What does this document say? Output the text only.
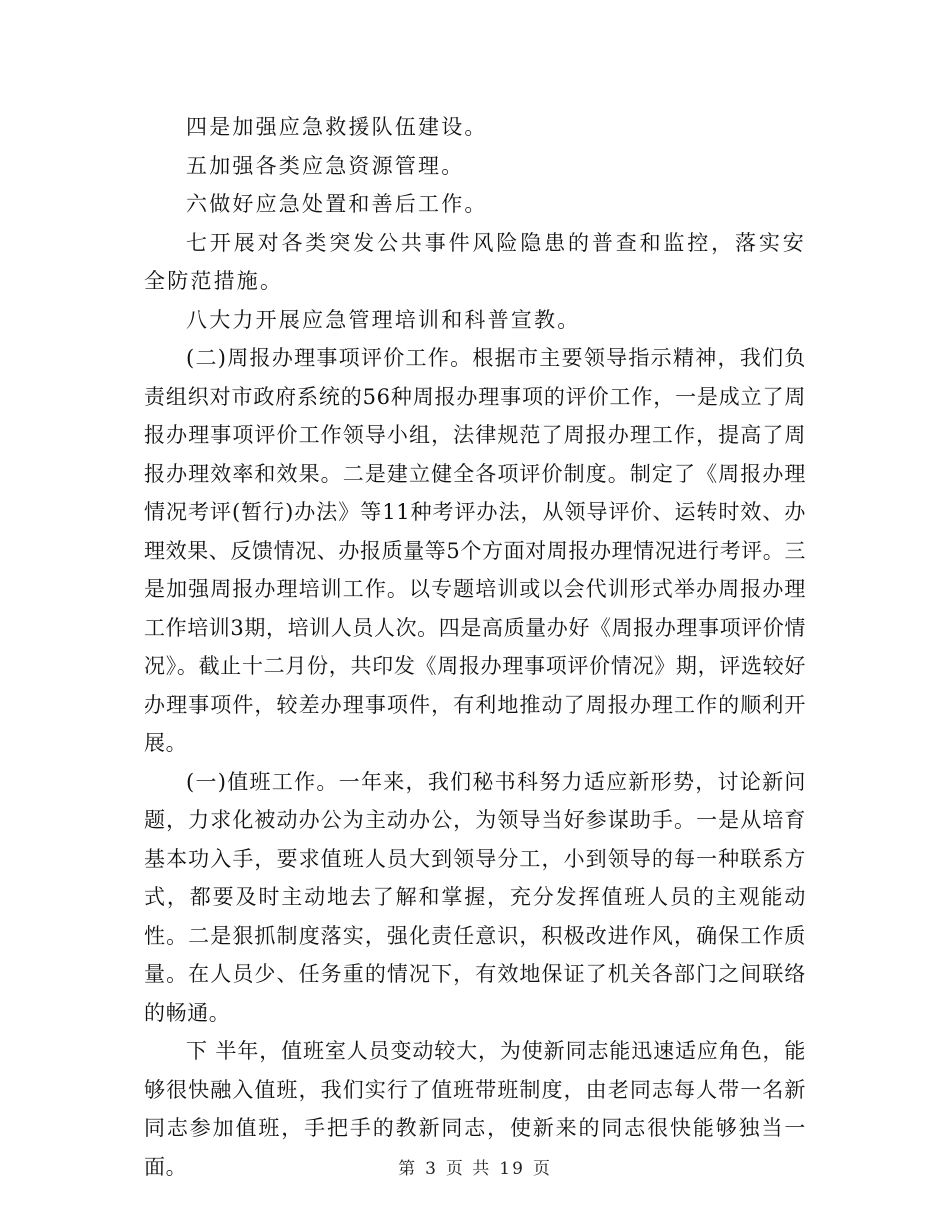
四是加强应急救援队伍建设。

五加强各类应急资源管理。

六做好应急处置和善后工作。

七开展对各类突发公共事件风险隐患的普查和监控，落实安全防范措施。

八大力开展应急管理培训和科普宣教。

(二)周报办理事项评价工作。根据市主要领导指示精神，我们负责组织对市政府系统的56种周报办理事项的评价工作，一是成立了周报办理事项评价工作领导小组，法律规范了周报办理工作，提高了周报办理效率和效果。二是建立健全各项评价制度。制定了《周报办理情况考评(暂行)办法》等11种考评办法，从领导评价、运转时效、办理效果、反馈情况、办报质量等5个方面对周报办理情况进行考评。三是加强周报办理培训工作。以专题培训或以会代训形式举办周报办理工作培训3期，培训人员人次。四是高质量办好《周报办理事项评价情况》。截止十二月份，共印发《周报办理事项评价情况》期，评选较好办理事项件，较差办理事项件，有利地推动了周报办理工作的顺利开展。

(一)值班工作。一年来，我们秘书科努力适应新形势，讨论新问题，力求化被动办公为主动办公，为领导当好参谋助手。一是从培育基本功入手，要求值班人员大到领导分工，小到领导的每一种联系方式，都要及时主动地去了解和掌握，充分发挥值班人员的主观能动性。二是狠抓制度落实，强化责任意识，积极改进作风，确保工作质量。在人员少、任务重的情况下，有效地保证了机关各部门之间联络的畅通。

下 半年，值班室人员变动较大，为使新同志能迅速适应角色，能够很快融入值班，我们实行了值班带班制度，由老同志每人带一名新同志参加值班，手把手的教新同志，使新来的同志很快能够独当一面。	第 3 页 共 19 页
